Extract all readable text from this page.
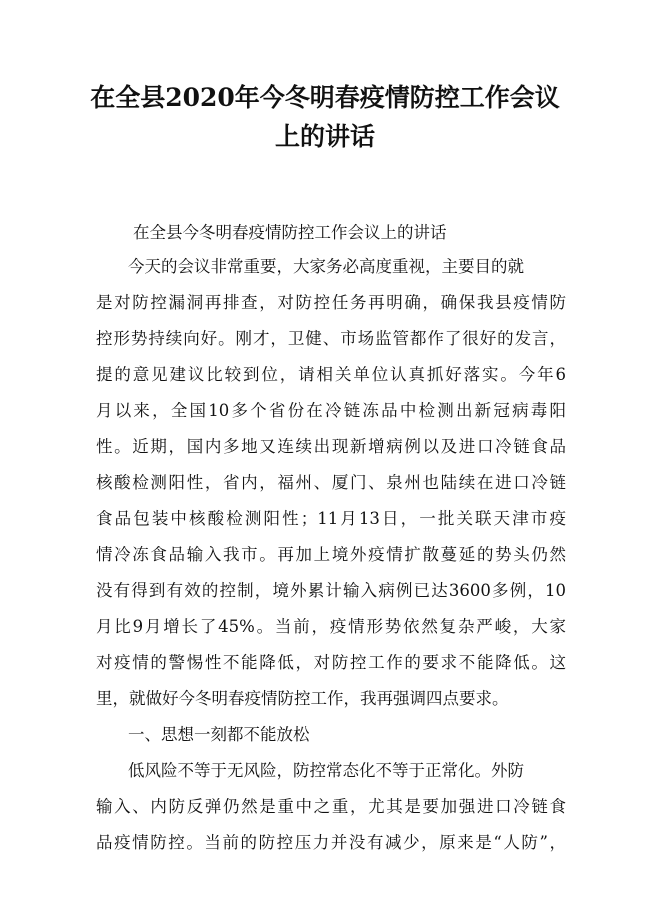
在全县2020年今冬明春疫情防控工作会议
上的讲话
在全县今冬明春疫情防控工作会议上的讲话
今天的会议非常重要，大家务必高度重视，主要目的就
是对防控漏洞再排查，对防控任务再明确，确保我县疫情防
控形势持续向好。刚才，卫健、市场监管都作了很好的发言，
提的意见建议比较到位，请相关单位认真抓好落实。今年6
月以来，全国10多个省份在冷链冻品中检测出新冠病毒阳
性。近期，国内多地又连续出现新增病例以及进口冷链食品
核酸检测阳性，省内，福州、厦门、泉州也陆续在进口冷链
食品包装中核酸检测阳性；11月13日，一批关联天津市疫
情冷冻食品输入我市。再加上境外疫情扩散蔓延的势头仍然
没有得到有效的控制，境外累计输入病例已达3600多例，10
月比9月增长了45%。当前，疫情形势依然复杂严峻，大家
对疫情的警惕性不能降低，对防控工作的要求不能降低。这
里，就做好今冬明春疫情防控工作，我再强调四点要求。
一、思想一刻都不能放松
低风险不等于无风险，防控常态化不等于正常化。外防
输入、内防反弹仍然是重中之重，尤其是要加强进口冷链食
品疫情防控。当前的防控压力并没有减少，原来是“人防”，
